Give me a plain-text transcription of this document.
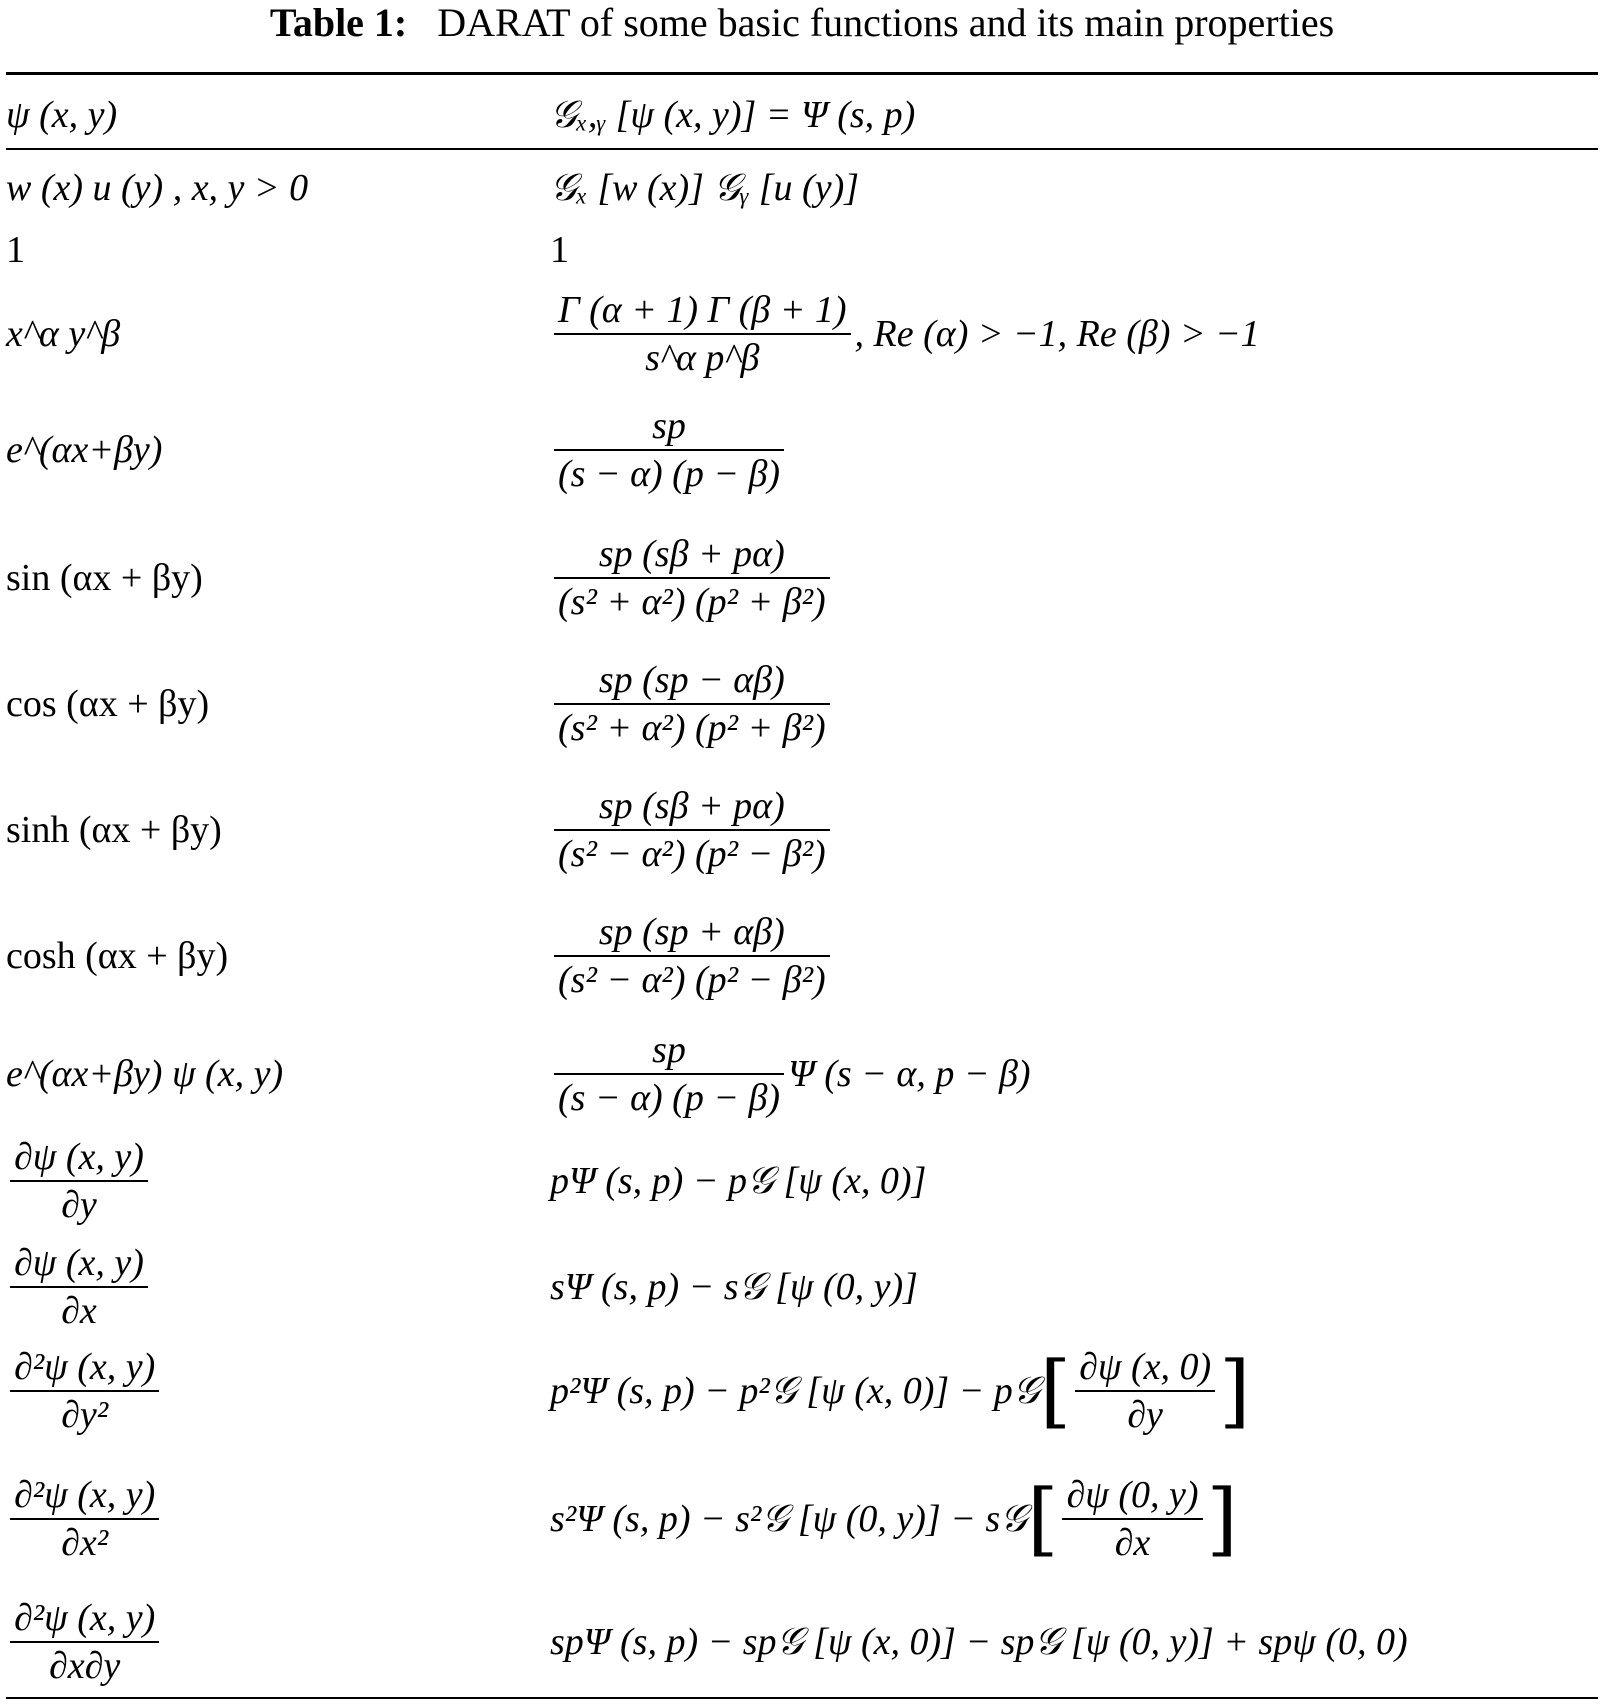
Table 1: DARAT of some basic functions and its main properties
ψ (x, y)	𝒢ₓ,ᵧ [ψ (x, y)] = Ψ (s, p)
w (x) u (y) , x, y > 0	𝒢ₓ [w (x)] 𝒢ᵧ [u (y)]
1	1
x^α y^β	$\frac{\Gamma (\alpha + 1) \Gamma (\beta + 1)}{\text{s\textasciicircum{}α p\textasciicircum{}β}}$ , Re (α) > −1, Re (β) > −1
e^(αx+βy)	$\frac{sp}{(s - \alpha) (p - \beta)}$
sin (αx + βy)	$\frac{sp (s\beta + p\alpha)}{\text{(s² + α²) (p² + β²)}}$
cos (αx + βy)	$\frac{sp (sp - \alpha\beta)}{\text{(s² + α²) (p² + β²)}}$
sinh (αx + βy)	$\frac{sp (s\beta + p\alpha)}{\text{(s² − α²) (p² − β²)}}$
cosh (αx + βy)	$\frac{sp (sp + \alpha\beta)}{\text{(s² − α²) (p² − β²)}}$
e^(αx+βy) ψ (x, y)	$\frac{sp}{(s - \alpha) (p - \beta)}$ Ψ (s − α, p − β)
$\frac{\partial\psi (x, y)}{\partial y}$	pΨ (s, p) − p𝒢 [ψ (x, 0)]
$\frac{\partial\psi (x, y)}{\partial x}$	sΨ (s, p) − s𝒢 [ψ (0, y)]
$\frac{\text{∂²ψ (x, y)}}{\text{∂y²}}$	p²Ψ (s, p) − p²𝒢 [ψ (x, 0)] − p𝒢 [ $\frac{\partial\psi (x, 0)}{\partial y}$ ]
$\frac{\text{∂²ψ (x, y)}}{\text{∂x²}}$	s²Ψ (s, p) − s²𝒢 [ψ (0, y)] − s𝒢 [ $\frac{\partial\psi (0, y)}{\partial x}$ ]
$\frac{\text{∂²ψ (x, y)}}{\partial x\partial y}$	spΨ (s, p) − sp𝒢 [ψ (x, 0)] − sp𝒢 [ψ (0, y)] + spψ (0, 0)
